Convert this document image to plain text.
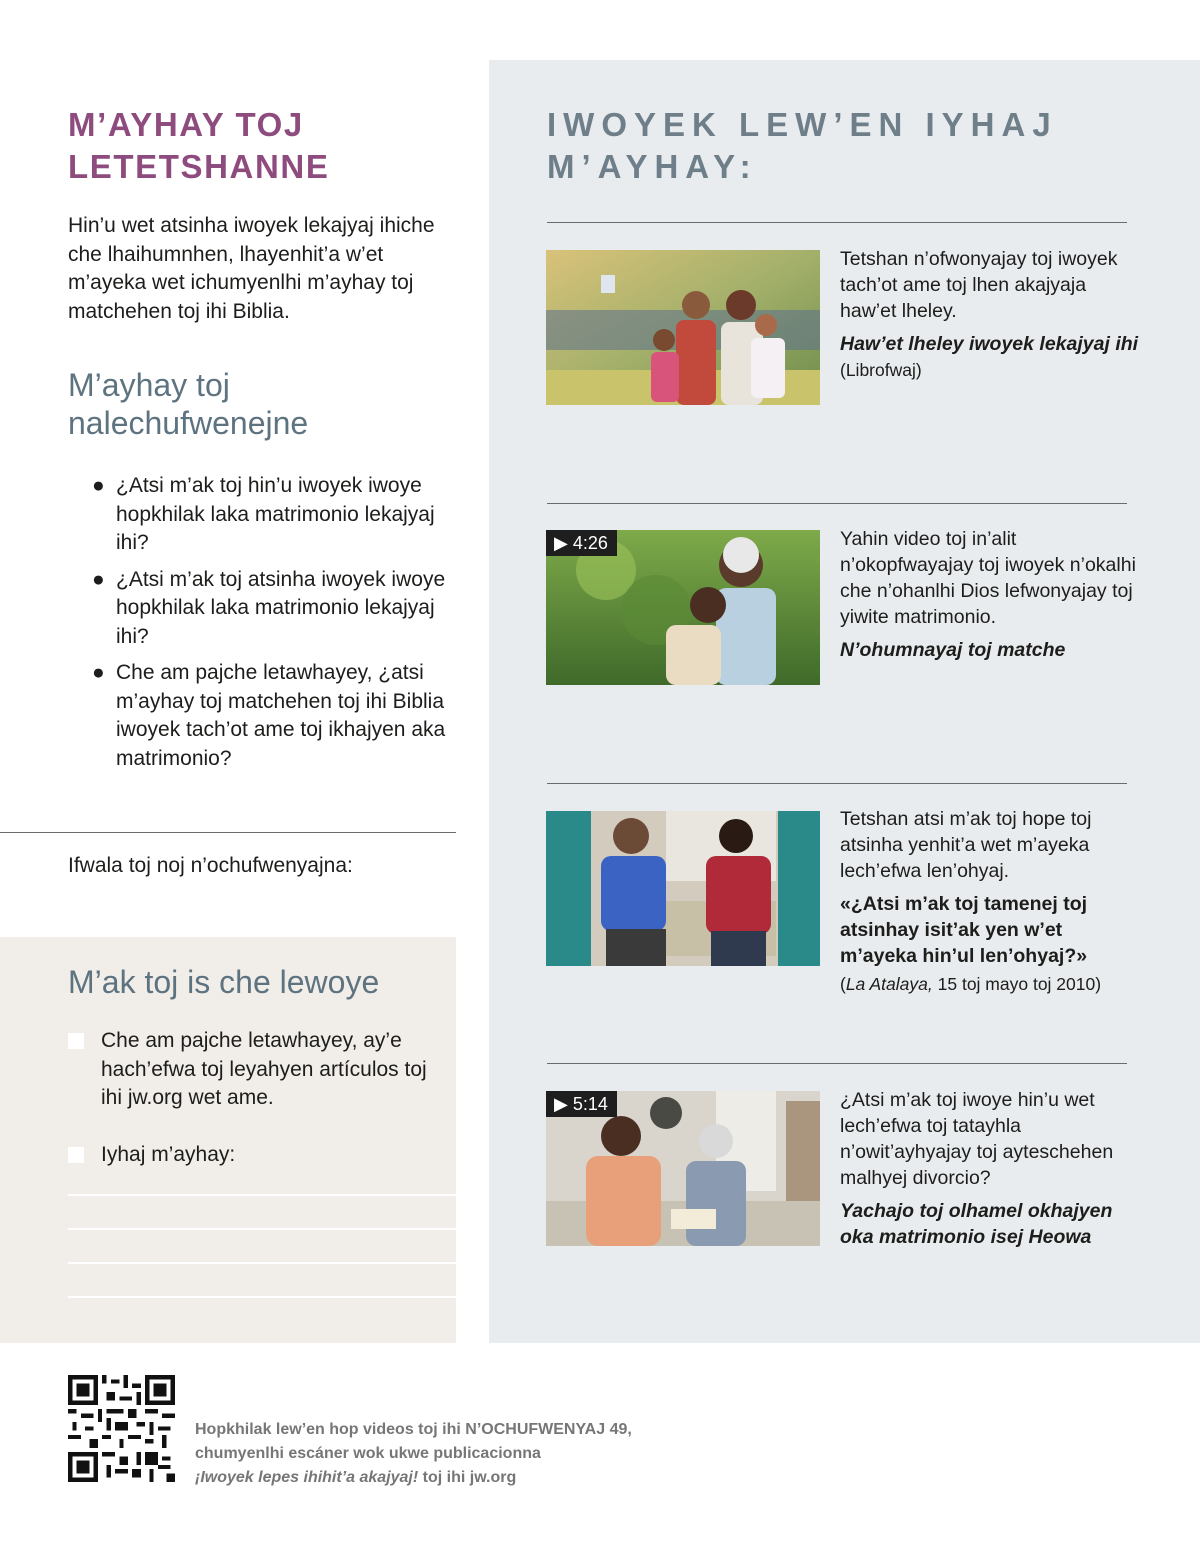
M’AYHAY TOJ LETETSHANNE

Hin’u wet atsinha iwoyek lekajyaj ihiche che lhaihumnhen, lhayenhit’a w’et m’ayeka wet ichumyenlhi m’ayhay toj matchehen toj ihi Biblia.

M’ayhay toj nalechufwenejne
● ¿Atsi m’ak toj hin’u iwoyek iwoye hopkhilak laka matrimonio lekajyaj ihi?
● ¿Atsi m’ak toj atsinha iwoyek iwoye hopkhilak laka matrimonio lekajyaj ihi?
● Che am pajche letawhayey, ¿atsi m’ayhay toj matchehen toj ihi Biblia iwoyek tach’ot ame toj ikhajyen aka matrimonio?

Ifwala toj noj n’ochufwenyajna:

M’ak toj is che lewoye
Che am pajche letawhayey, ay’e hach’efwa toj leyahyen artículos toj ihi jw.org wet ame.
Iyhaj m’ayhay:
IWOYEK LEW’EN IYHAJ M’AYHAY:

Tetshan n’ofwonyajay toj iwoyek tach’ot ame toj lhen akajyaja haw’et lheley.

Haw’et lheley iwoyek lekajyaj ihi (Librofwaj)

▶ 4:26	Yahin video toj in’alit n’okopfwayajay toj iwoyek n’okalhi che n’ohanlhi Dios lefwonyajay toj yiwite matrimonio.

N’ohumnayaj toj matche

Tetshan atsi m’ak toj hope toj atsinha yenhit’a wet m’ayeka lech’efwa len’ohyaj.

«¿Atsi m’ak toj tamenej toj atsinhay isit’ak yen w’et m’ayeka hin’ul len’ohyaj?»

(La Atalaya, 15 toj mayo toj 2010)

▶ 5:14	¿Atsi m’ak toj iwoye hin’u wet lech’efwa toj tatayhla n’owit’ayhyajay toj ayteschehen malhyej divorcio?

Yachajo toj olhamel okhajyen oka matrimonio isej Heowa

Hopkhilak lew’en hop videos toj ihi N’OCHUFWENYAJ 49,
chumyenlhi escáner wok ukwe publicacionna
¡Iwoyek lepes ihihit’a akajyaj! toj ihi jw.org
